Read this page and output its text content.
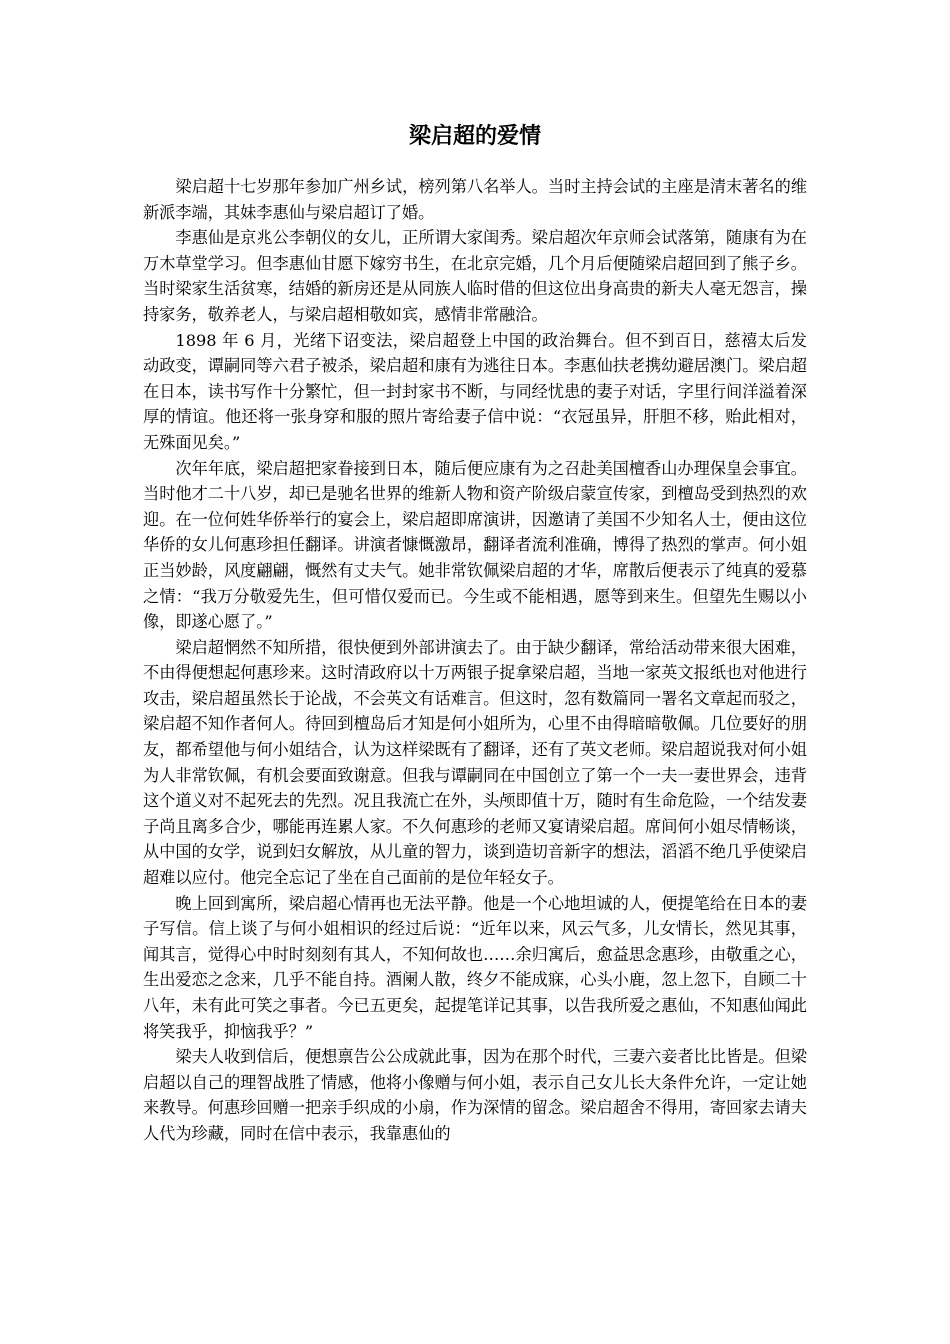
梁启超的爱情

梁启超十七岁那年参加广州乡试，榜列第八名举人。当时主持会试的主座是清末著名的维新派李端，其妹李惠仙与梁启超订了婚。

李惠仙是京兆公李朝仪的女儿，正所谓大家闺秀。梁启超次年京师会试落第，随康有为在万木草堂学习。但李惠仙甘愿下嫁穷书生，在北京完婚，几个月后便随梁启超回到了熊子乡。当时梁家生活贫寒，结婚的新房还是从同族人临时借的但这位出身高贵的新夫人毫无怨言，操持家务，敬养老人，与梁启超相敬如宾，感情非常融洽。

1898 年 6 月，光绪下诏变法，梁启超登上中国的政治舞台。但不到百日，慈禧太后发动政变，谭嗣同等六君子被杀，梁启超和康有为逃往日本。李惠仙扶老携幼避居澳门。梁启超在日本，读书写作十分繁忙，但一封封家书不断，与同经忧患的妻子对话，字里行间洋溢着深厚的情谊。他还将一张身穿和服的照片寄给妻子信中说：“衣冠虽异，肝胆不移，贻此相对，无殊面见矣。”

次年年底，梁启超把家眷接到日本，随后便应康有为之召赴美国檀香山办理保皇会事宜。当时他才二十八岁，却已是驰名世界的维新人物和资产阶级启蒙宣传家，到檀岛受到热烈的欢迎。在一位何姓华侨举行的宴会上，梁启超即席演讲，因邀请了美国不少知名人士，便由这位华侨的女儿何惠珍担任翻译。讲演者慷慨激昂，翻译者流利准确，博得了热烈的掌声。何小姐正当妙龄，风度翩翩，慨然有丈夫气。她非常钦佩梁启超的才华，席散后便表示了纯真的爱慕之情：“我万分敬爱先生，但可惜仅爱而已。今生或不能相遇，愿等到来生。但望先生赐以小像，即遂心愿了。”

梁启超惘然不知所措，很快便到外部讲演去了。由于缺少翻译，常给活动带来很大困难，不由得便想起何惠珍来。这时清政府以十万两银子捉拿梁启超，当地一家英文报纸也对他进行攻击，梁启超虽然长于论战，不会英文有话难言。但这时，忽有数篇同一署名文章起而驳之，梁启超不知作者何人。待回到檀岛后才知是何小姐所为，心里不由得暗暗敬佩。几位要好的朋友，都希望他与何小姐结合，认为这样梁既有了翻译，还有了英文老师。梁启超说我对何小姐为人非常钦佩，有机会要面致谢意。但我与谭嗣同在中国创立了第一个一夫一妻世界会，违背这个道义对不起死去的先烈。况且我流亡在外，头颅即值十万，随时有生命危险，一个结发妻子尚且离多合少，哪能再连累人家。不久何惠珍的老师又宴请梁启超。席间何小姐尽情畅谈，从中国的女学，说到妇女解放，从儿童的智力，谈到造切音新字的想法，滔滔不绝几乎使梁启超难以应付。他完全忘记了坐在自己面前的是位年轻女子。

晚上回到寓所，梁启超心情再也无法平静。他是一个心地坦诚的人，便提笔给在日本的妻子写信。信上谈了与何小姐相识的经过后说：“近年以来，风云气多，儿女情长，然见其事，闻其言，觉得心中时时刻刻有其人，不知何故也……余归寓后，愈益思念惠珍，由敬重之心，生出爱恋之念来，几乎不能自持。酒阑人散，终夕不能成寐，心头小鹿，忽上忽下，自顾二十八年，未有此可笑之事者。今已五更矣，起提笔详记其事，以告我所爱之惠仙，不知惠仙闻此将笑我乎，抑恼我乎？”

梁夫人收到信后，便想禀告公公成就此事，因为在那个时代，三妻六妾者比比皆是。但梁启超以自己的理智战胜了情感，他将小像赠与何小姐，表示自己女儿长大条件允许，一定让她来教导。何惠珍回赠一把亲手织成的小扇，作为深情的留念。梁启超舍不得用，寄回家去请夫人代为珍藏，同时在信中表示，我靠惠仙的
